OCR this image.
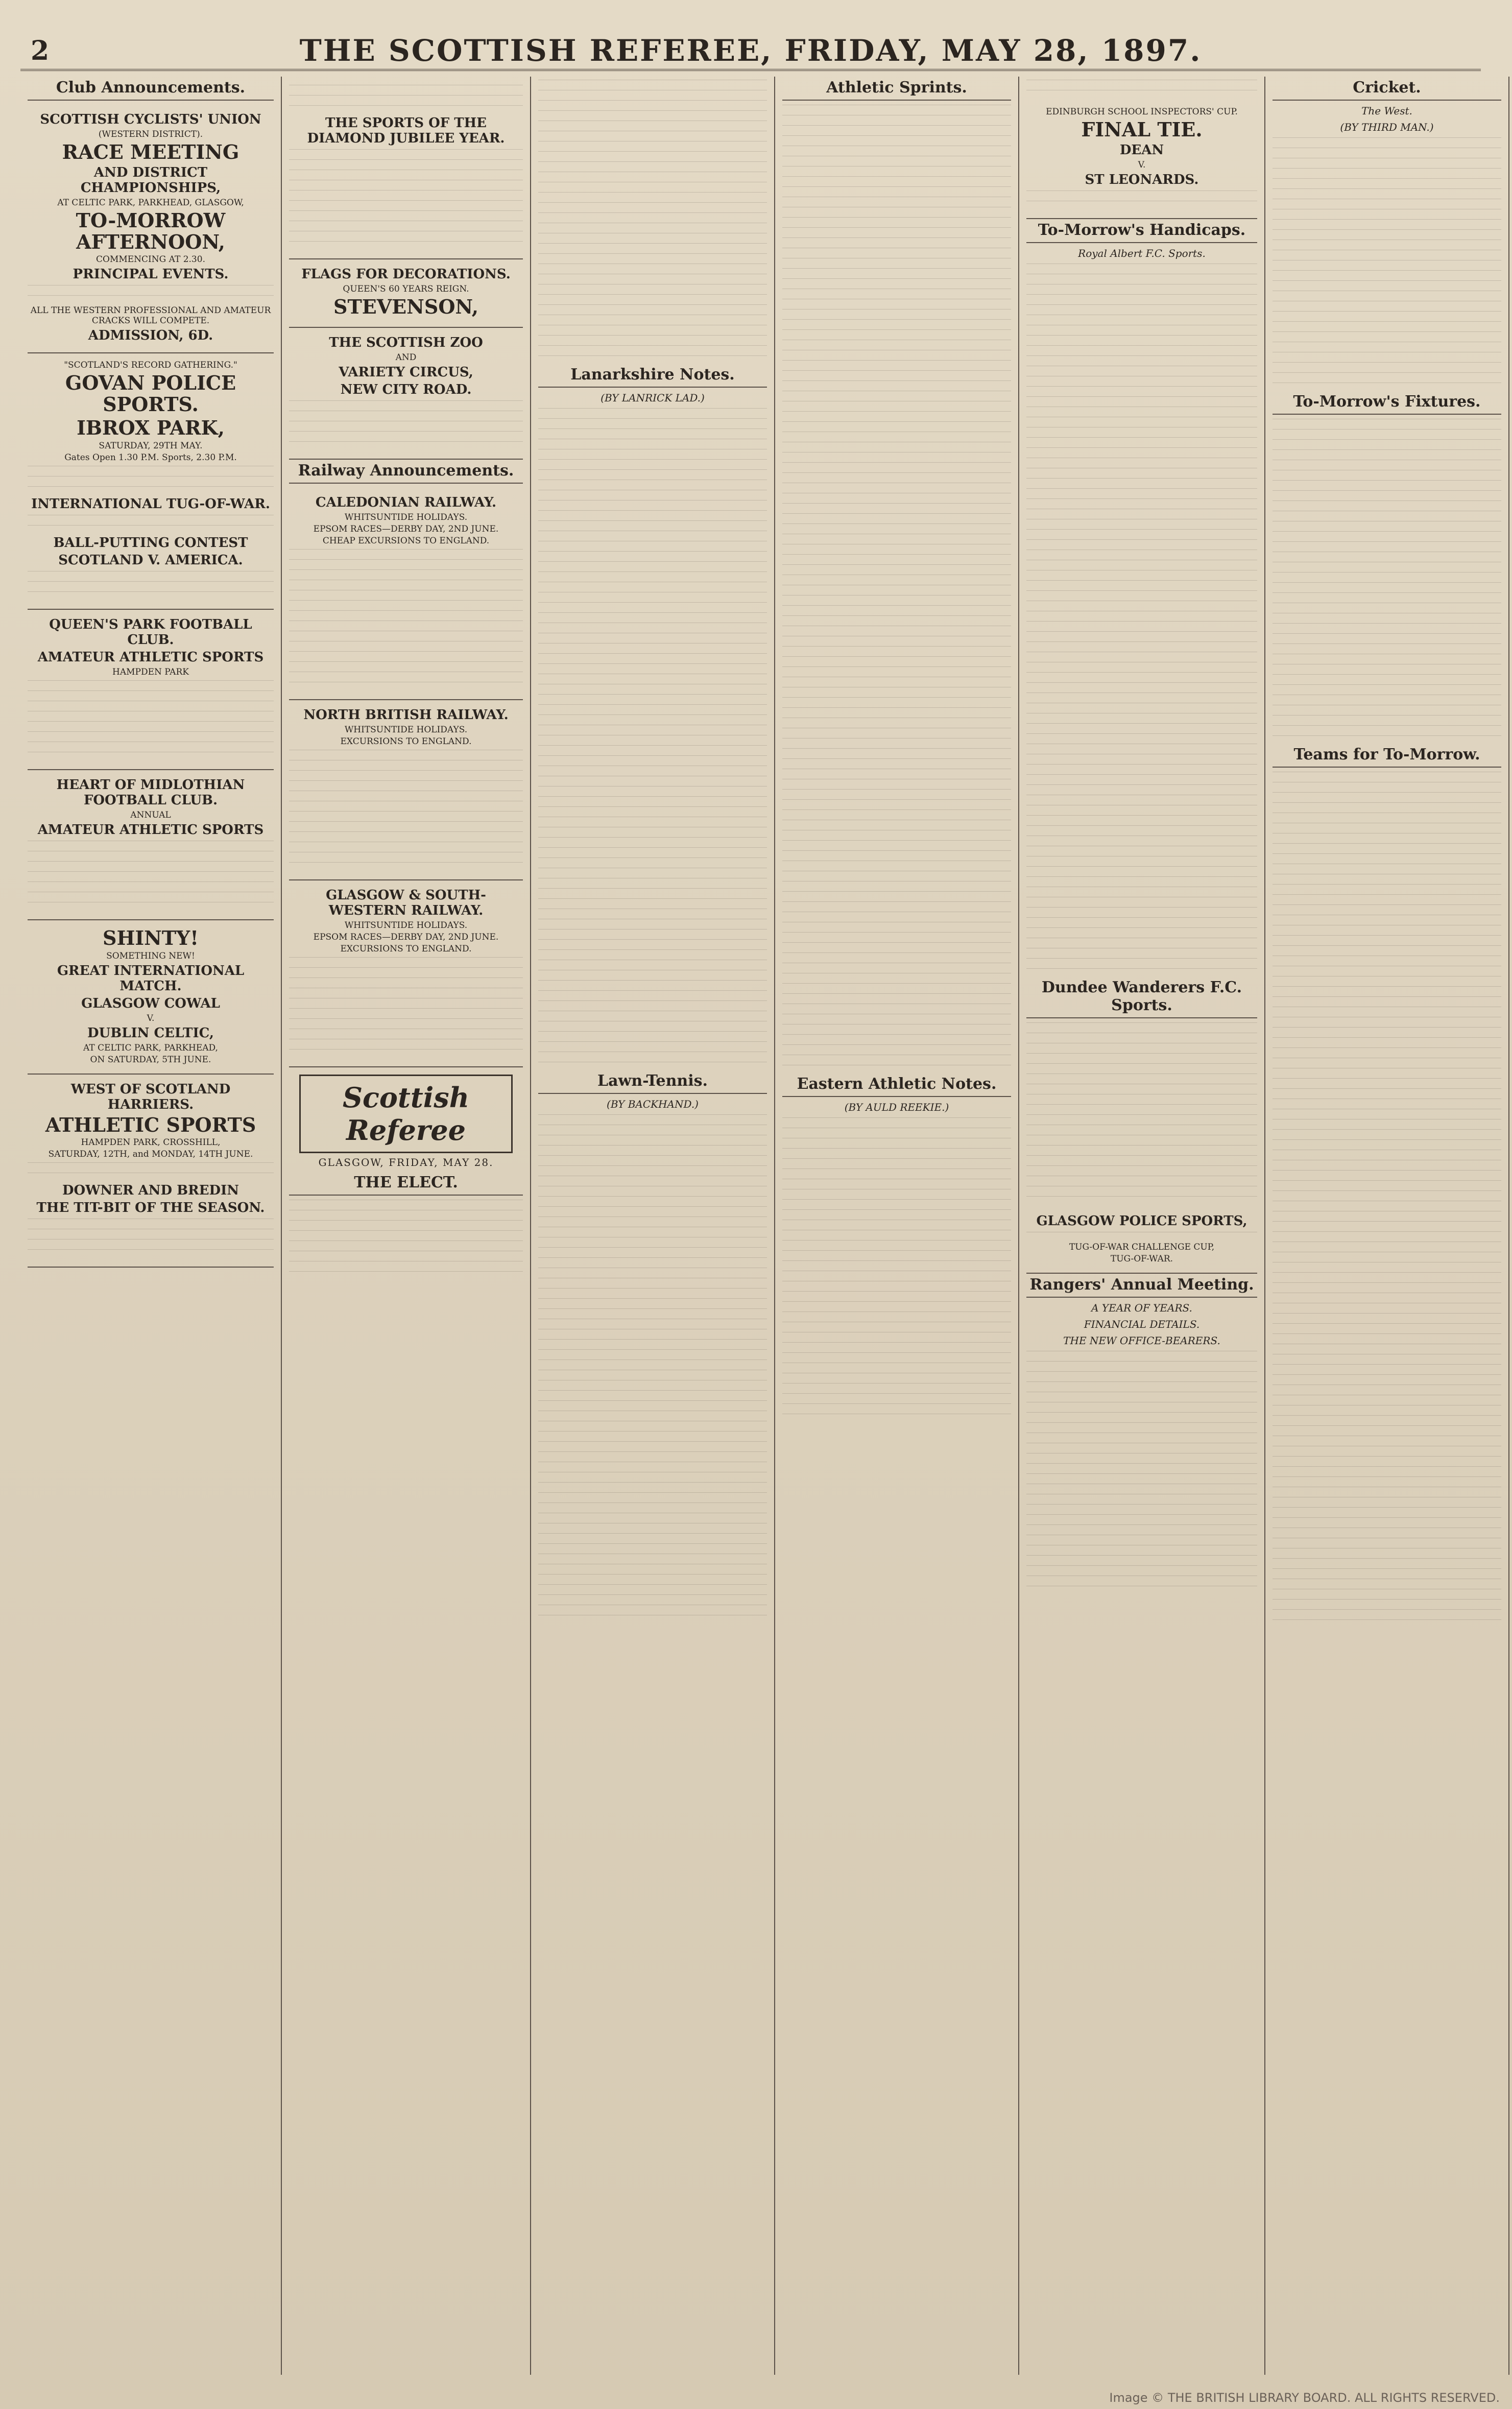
2	THE SCOTTISH REFEREE, FRIDAY, MAY 28, 1897.
Club Announcements.
SCOTTISH CYCLISTS' UNION
(WESTERN DISTRICT).
RACE MEETING
AND DISTRICT CHAMPIONSHIPS,
AT CELTIC PARK, PARKHEAD, GLASGOW,
TO-MORROW AFTERNOON,
COMMENCING AT 2.30.
PRINCIPAL EVENTS.
ALL THE WESTERN PROFESSIONAL AND AMATEUR CRACKS WILL COMPETE.
ADMISSION, 6D.
"SCOTLAND'S RECORD GATHERING."
GOVAN POLICE SPORTS.
IBROX PARK,
SATURDAY, 29TH MAY.
Gates Open 1.30 P.M. Sports, 2.30 P.M.
INTERNATIONAL TUG-OF-WAR.
BALL-PUTTING CONTEST
SCOTLAND V. AMERICA.
QUEEN'S PARK FOOTBALL CLUB.
AMATEUR ATHLETIC SPORTS
HAMPDEN PARK
HEART OF MIDLOTHIAN FOOTBALL CLUB.
ANNUAL
AMATEUR ATHLETIC SPORTS
SHINTY!
SOMETHING NEW!
GREAT INTERNATIONAL MATCH.
GLASGOW COWAL
V.
DUBLIN CELTIC,
AT CELTIC PARK, PARKHEAD,
ON SATURDAY, 5TH JUNE.
WEST OF SCOTLAND HARRIERS.
ATHLETIC SPORTS
HAMPDEN PARK, CROSSHILL,
SATURDAY, 12TH, and MONDAY, 14TH JUNE.
DOWNER AND BREDIN
THE TIT-BIT OF THE SEASON.
THE SPORTS OF THE DIAMOND JUBILEE YEAR.
FLAGS FOR DECORATIONS.
QUEEN'S 60 YEARS REIGN.
STEVENSON,
THE SCOTTISH ZOO
AND
VARIETY CIRCUS,
NEW CITY ROAD.
Railway Announcements.
CALEDONIAN RAILWAY.
WHITSUNTIDE HOLIDAYS.
EPSOM RACES—DERBY DAY, 2ND JUNE.
CHEAP EXCURSIONS TO ENGLAND.
NORTH BRITISH RAILWAY.
WHITSUNTIDE HOLIDAYS.
EXCURSIONS TO ENGLAND.
GLASGOW & SOUTH-WESTERN RAILWAY.
WHITSUNTIDE HOLIDAYS.
EPSOM RACES—DERBY DAY, 2ND JUNE.
EXCURSIONS TO ENGLAND.
Scottish Referee
GLASGOW, FRIDAY, MAY 28.
THE ELECT.
Lanarkshire Notes.
(BY LANRICK LAD.)
Lawn-Tennis.
(BY BACKHAND.)
Athletic Sprints.
Eastern Athletic Notes.
(BY AULD REEKIE.)
EDINBURGH SCHOOL INSPECTORS' CUP.
FINAL TIE.
DEAN
V.
ST LEONARDS.
To-Morrow's Handicaps.
Royal Albert F.C. Sports.
Dundee Wanderers F.C. Sports.
GLASGOW POLICE SPORTS,
TUG-OF-WAR CHALLENGE CUP,
TUG-OF-WAR.
Rangers' Annual Meeting.
A YEAR OF YEARS.
FINANCIAL DETAILS.
THE NEW OFFICE-BEARERS.
Cricket.
The West.
(BY THIRD MAN.)
To-Morrow's Fixtures.
Teams for To-Morrow.
Image © THE BRITISH LIBRARY BOARD. ALL RIGHTS RESERVED.
